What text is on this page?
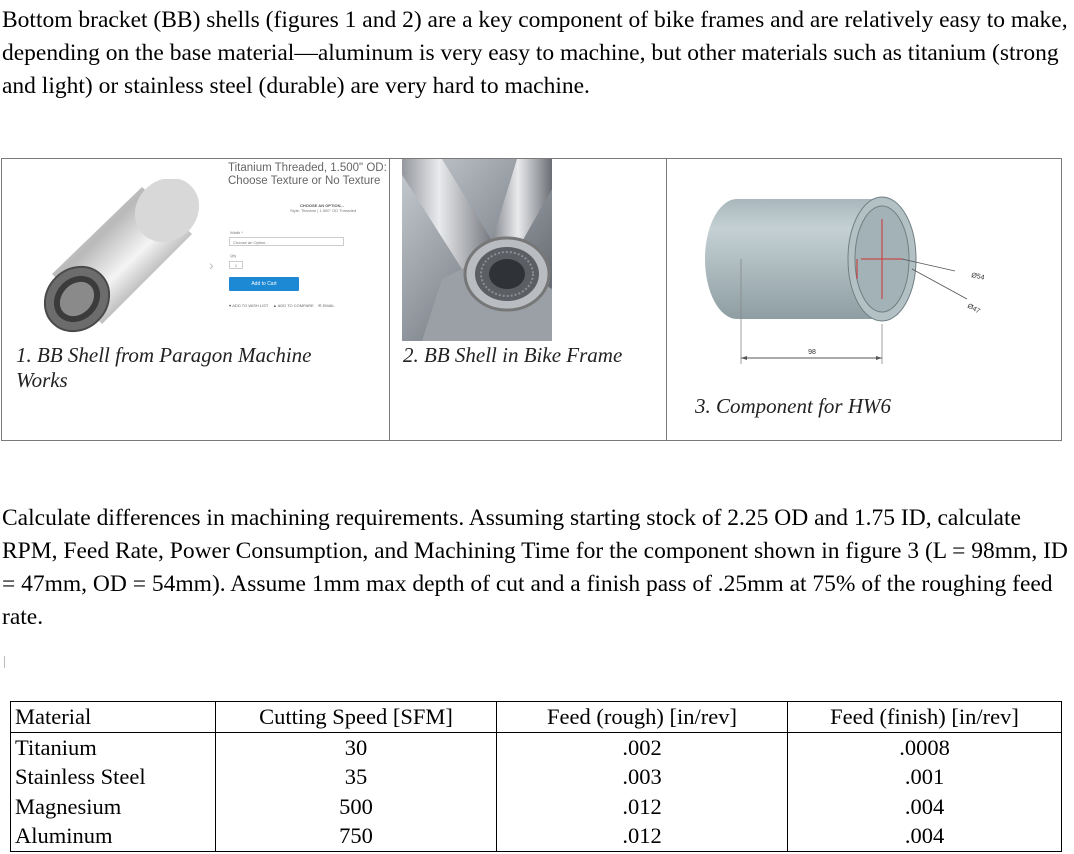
Bottom bracket (BB) shells (figures 1 and 2) are a key component of bike frames and are relatively easy to make, depending on the base material—aluminum is very easy to machine, but other materials such as titanium (strong and light) or stainless steel (durable) are very hard to machine.

›
Titanium Threaded, 1.500" OD: Choose Texture or No Texture
CHOOSE AN OPTION...
Style: Titanium | 1.500" OD Threaded
Width *
Choose an Option...
Qty
1
Add to Cart
♥ ADD TO WISH LIST ▲ ADD TO COMPARE ✉ EMAIL
1. BB Shell from Paragon Machine Works
2. BB Shell in Bike Frame	98
Ø54
Ø47
3. Component for HW6

Calculate differences in machining requirements. Assuming starting stock of 2.25 OD and 1.75 ID, calculate RPM, Feed Rate, Power Consumption, and Machining Time for the component shown in figure 3 (L = 98mm, ID = 47mm, OD = 54mm). Assume 1mm max depth of cut and a finish pass of .25mm at 75% of the roughing feed rate.

Material	Cutting Speed [SFM]	Feed (rough) [in/rev]	Feed (finish) [in/rev]
Titanium	30	.002	.0008
Stainless Steel	35	.003	.001
Magnesium	500	.012	.004
Aluminum	750	.012	.004
